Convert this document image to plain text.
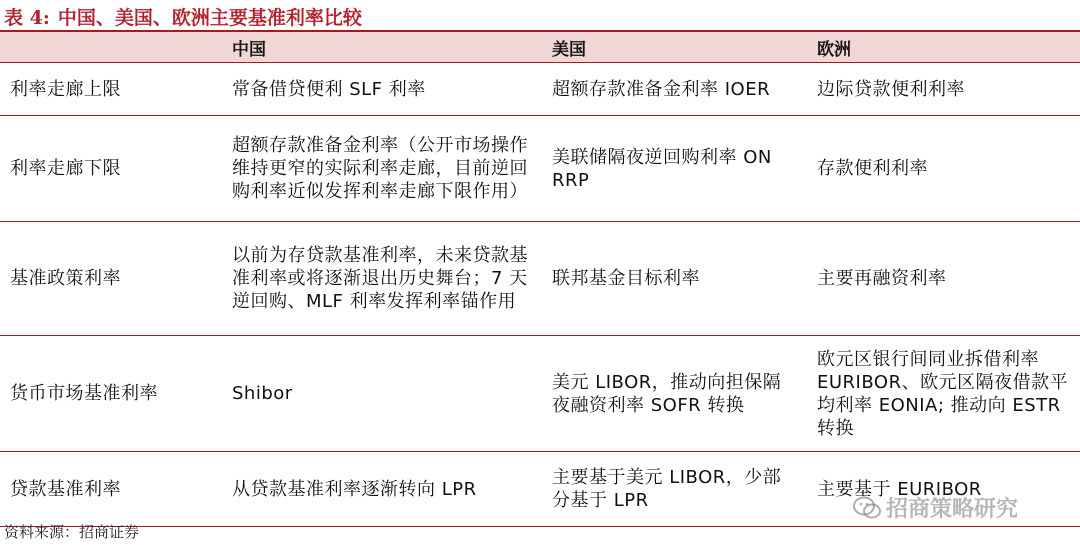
表 4: 中国、美国、欧洲主要基准利率比较
	中国	美国	欧洲
利率走廊上限	常备借贷便利 SLF 利率	超额存款准备金利率 IOER	边际贷款便利利率
利率走廊下限	超额存款准备金利率（公开市场操作维持更窄的实际利率走廊，目前逆回购利率近似发挥利率走廊下限作用）	美联储隔夜逆回购利率 ON RRP	存款便利利率
基准政策利率	以前为存贷款基准利率，未来贷款基准利率或将逐渐退出历史舞台；7 天逆回购、MLF 利率发挥利率锚作用	联邦基金目标利率	主要再融资利率
货币市场基准利率	Shibor	美元 LIBOR，推动向担保隔夜融资利率 SOFR 转换	欧元区银行间同业拆借利率 EURIBOR、欧元区隔夜借款平均利率 EONIA; 推动向 ESTR 转换
贷款基准利率	从贷款基准利率逐渐转向 LPR	主要基于美元 LIBOR，少部分基于 LPR	主要基于 EURIBOR
资料来源：招商证券
招商策略研究
